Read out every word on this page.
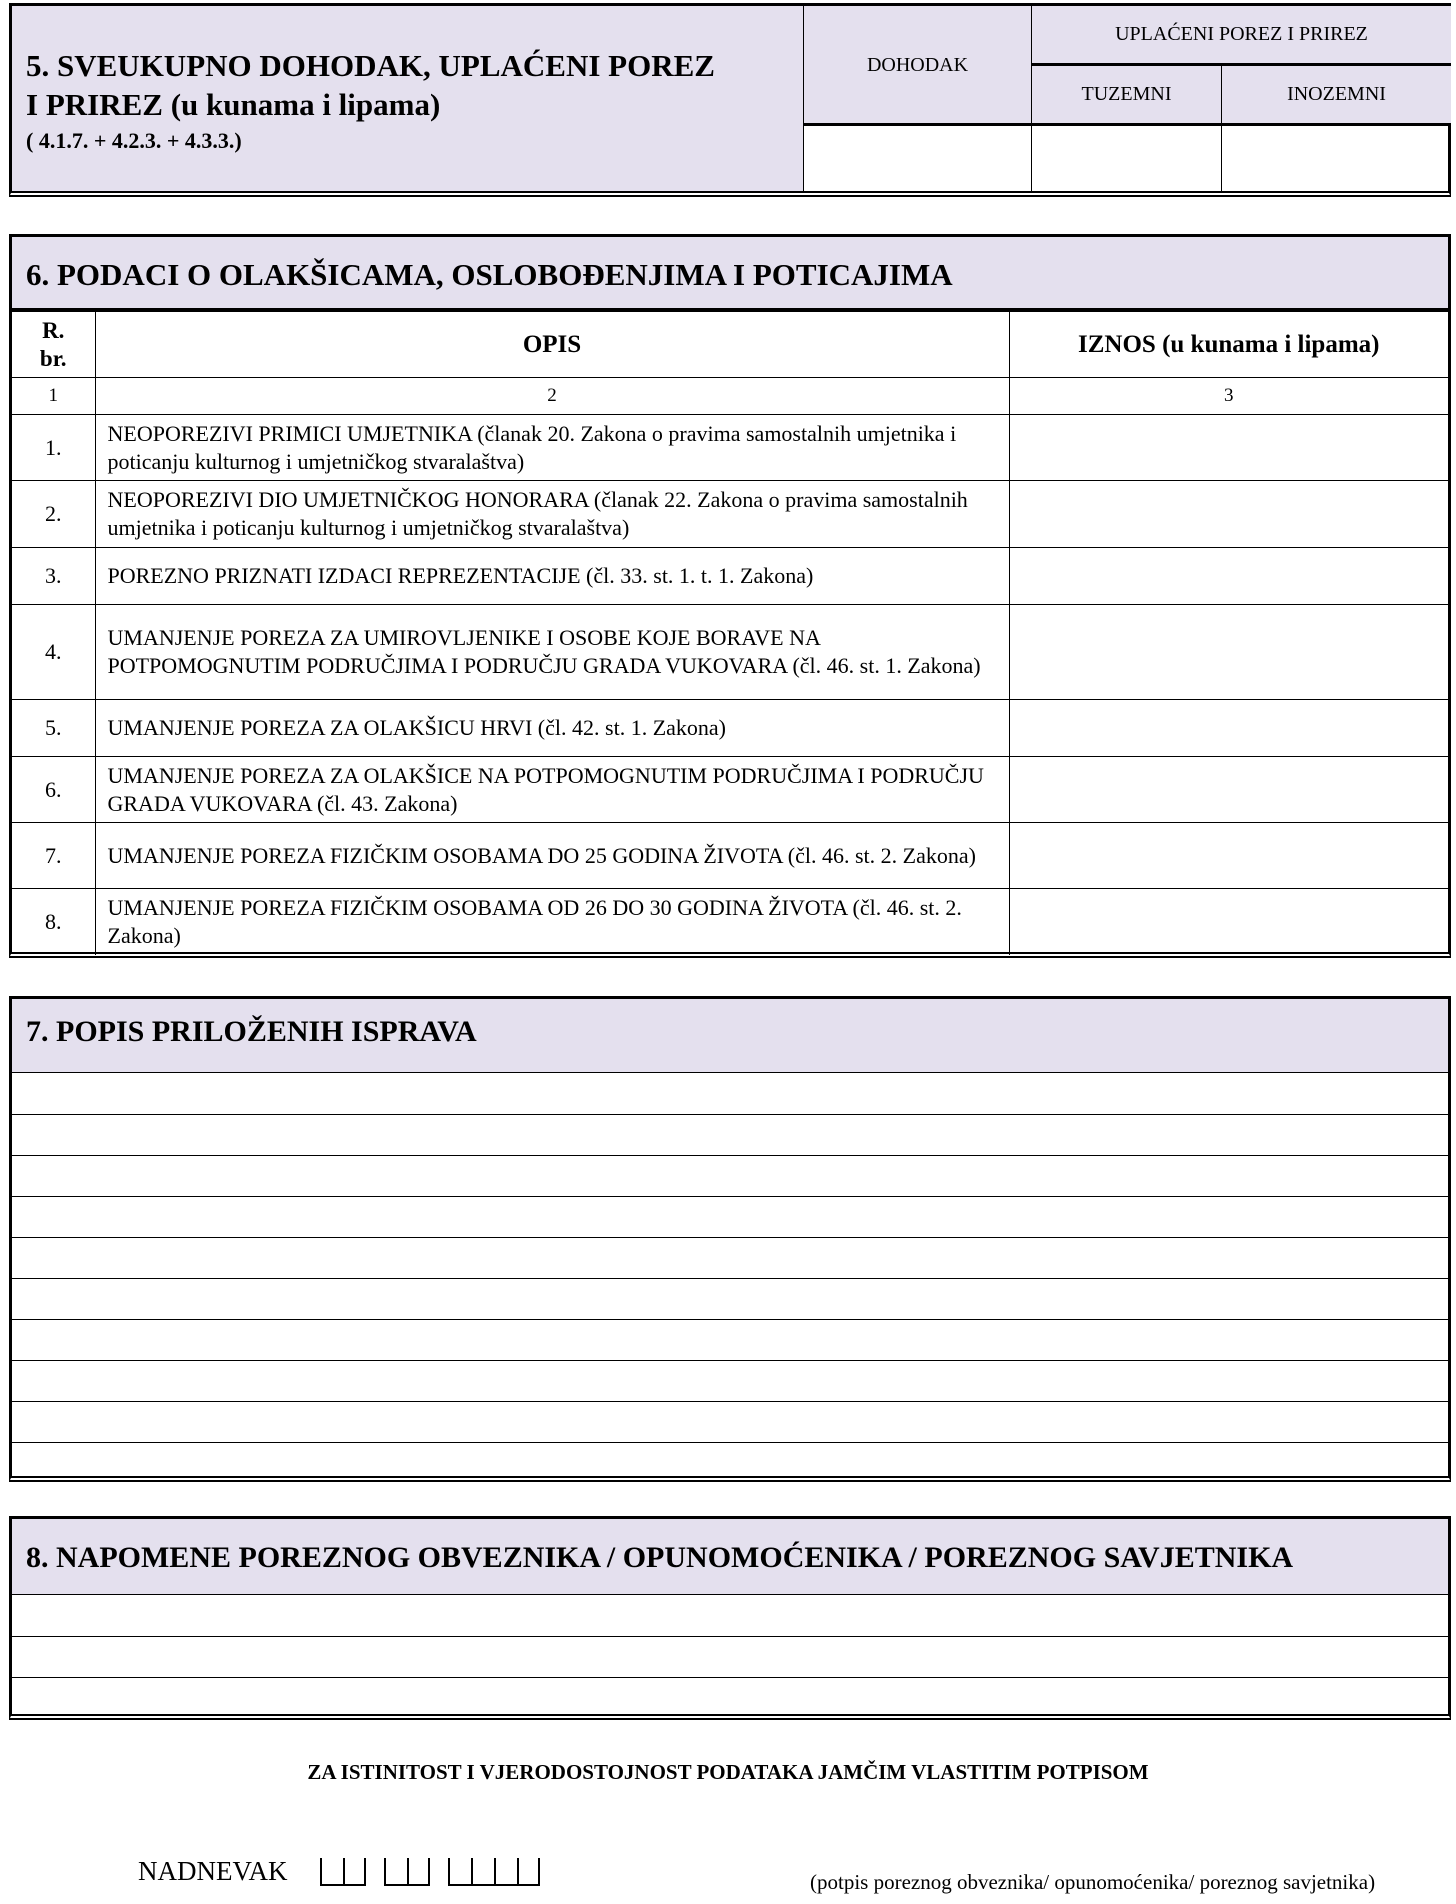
5. SVEUKUPNO DOHODAK, UPLAĆENI POREZ
I PRIREZ (u kunama i lipama)
( 4.1.7. + 4.2.3. + 4.3.3.)
DOHODAK
UPLAĆENI POREZ I PRIREZ
TUZEMNI	INOZEMNI
6. PODACI O OLAKŠICAMA, OSLOBOĐENJIMA I POTICAJIMA
R. br.	OPIS	IZNOS (u kunama i lipama)
1	2	3
1.	NEOPOREZIVI PRIMICI UMJETNIKA (članak 20. Zakona o pravima samostalnih umjetnika i poticanju kulturnog i umjetničkog stvaralaštva)	
2.	NEOPOREZIVI DIO UMJETNIČKOG HONORARA (članak 22. Zakona o pravima samostalnih umjetnika i poticanju kulturnog i umjetničkog stvaralaštva)	
3.	POREZNO PRIZNATI IZDACI REPREZENTACIJE (čl. 33. st. 1. t. 1. Zakona)	
4.	UMANJENJE POREZA ZA UMIROVLJENIKE I OSOBE KOJE BORAVE NA POTPOMOGNUTIM PODRUČJIMA I PODRUČJU GRADA VUKOVARA (čl. 46. st. 1. Zakona)	
5.	UMANJENJE POREZA ZA OLAKŠICU HRVI (čl. 42. st. 1. Zakona)	
6.	UMANJENJE POREZA ZA OLAKŠICE NA POTPOMOGNUTIM PODRUČJIMA I PODRUČJU GRADA VUKOVARA (čl. 43. Zakona)	
7.	UMANJENJE POREZA FIZIČKIM OSOBAMA DO 25 GODINA ŽIVOTA (čl. 46. st. 2. Zakona)	
8.	UMANJENJE POREZA FIZIČKIM OSOBAMA OD 26 DO 30 GODINA ŽIVOTA (čl. 46. st. 2. Zakona)	
7. POPIS PRILOŽENIH ISPRAVA
8. NAPOMENE POREZNOG OBVEZNIKA / OPUNOMOĆENIKA / POREZNOG SAVJETNIKA
ZA ISTINITOST I VJERODOSTOJNOST PODATAKA JAMČIM VLASTITIM POTPISOM
NADNEVAK	(potpis poreznog obveznika/ opunomoćenika/ poreznog savjetnika)
